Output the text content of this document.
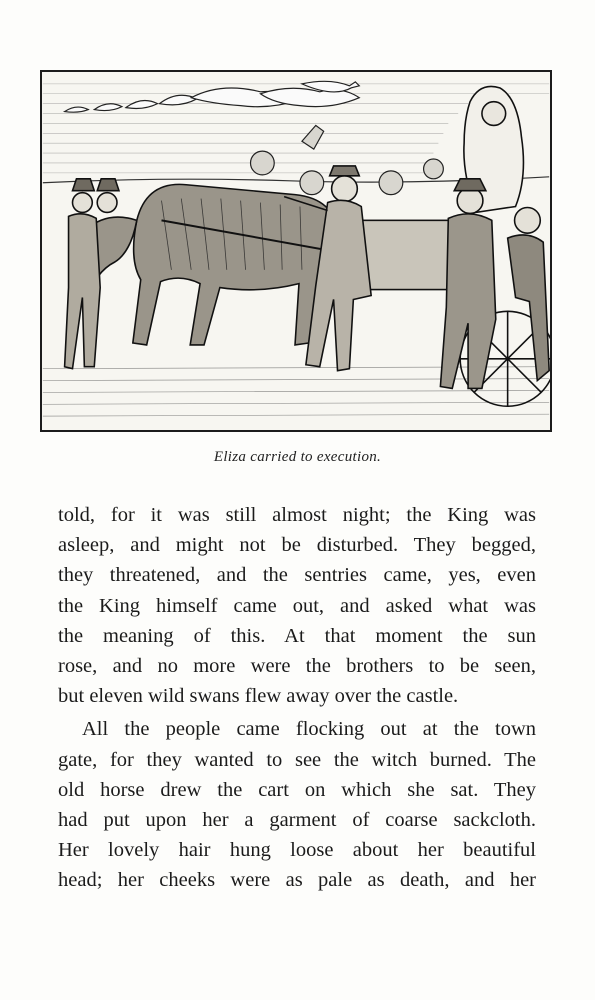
Eliza carried to execution.
told, for it was still almost night; the King was
asleep, and might not be disturbed. They begged,
they threatened, and the sentries came, yes, even
the King himself came out, and asked what was
the meaning of this. At that moment the sun
rose, and no more were the brothers to be seen,
but eleven wild swans flew away over the castle.
All the people came flocking out at the town
gate, for they wanted to see the witch burned. The
old horse drew the cart on which she sat. They
had put upon her a garment of coarse sackcloth.
Her lovely hair hung loose about her beautiful
head; her cheeks were as pale as death, and her
